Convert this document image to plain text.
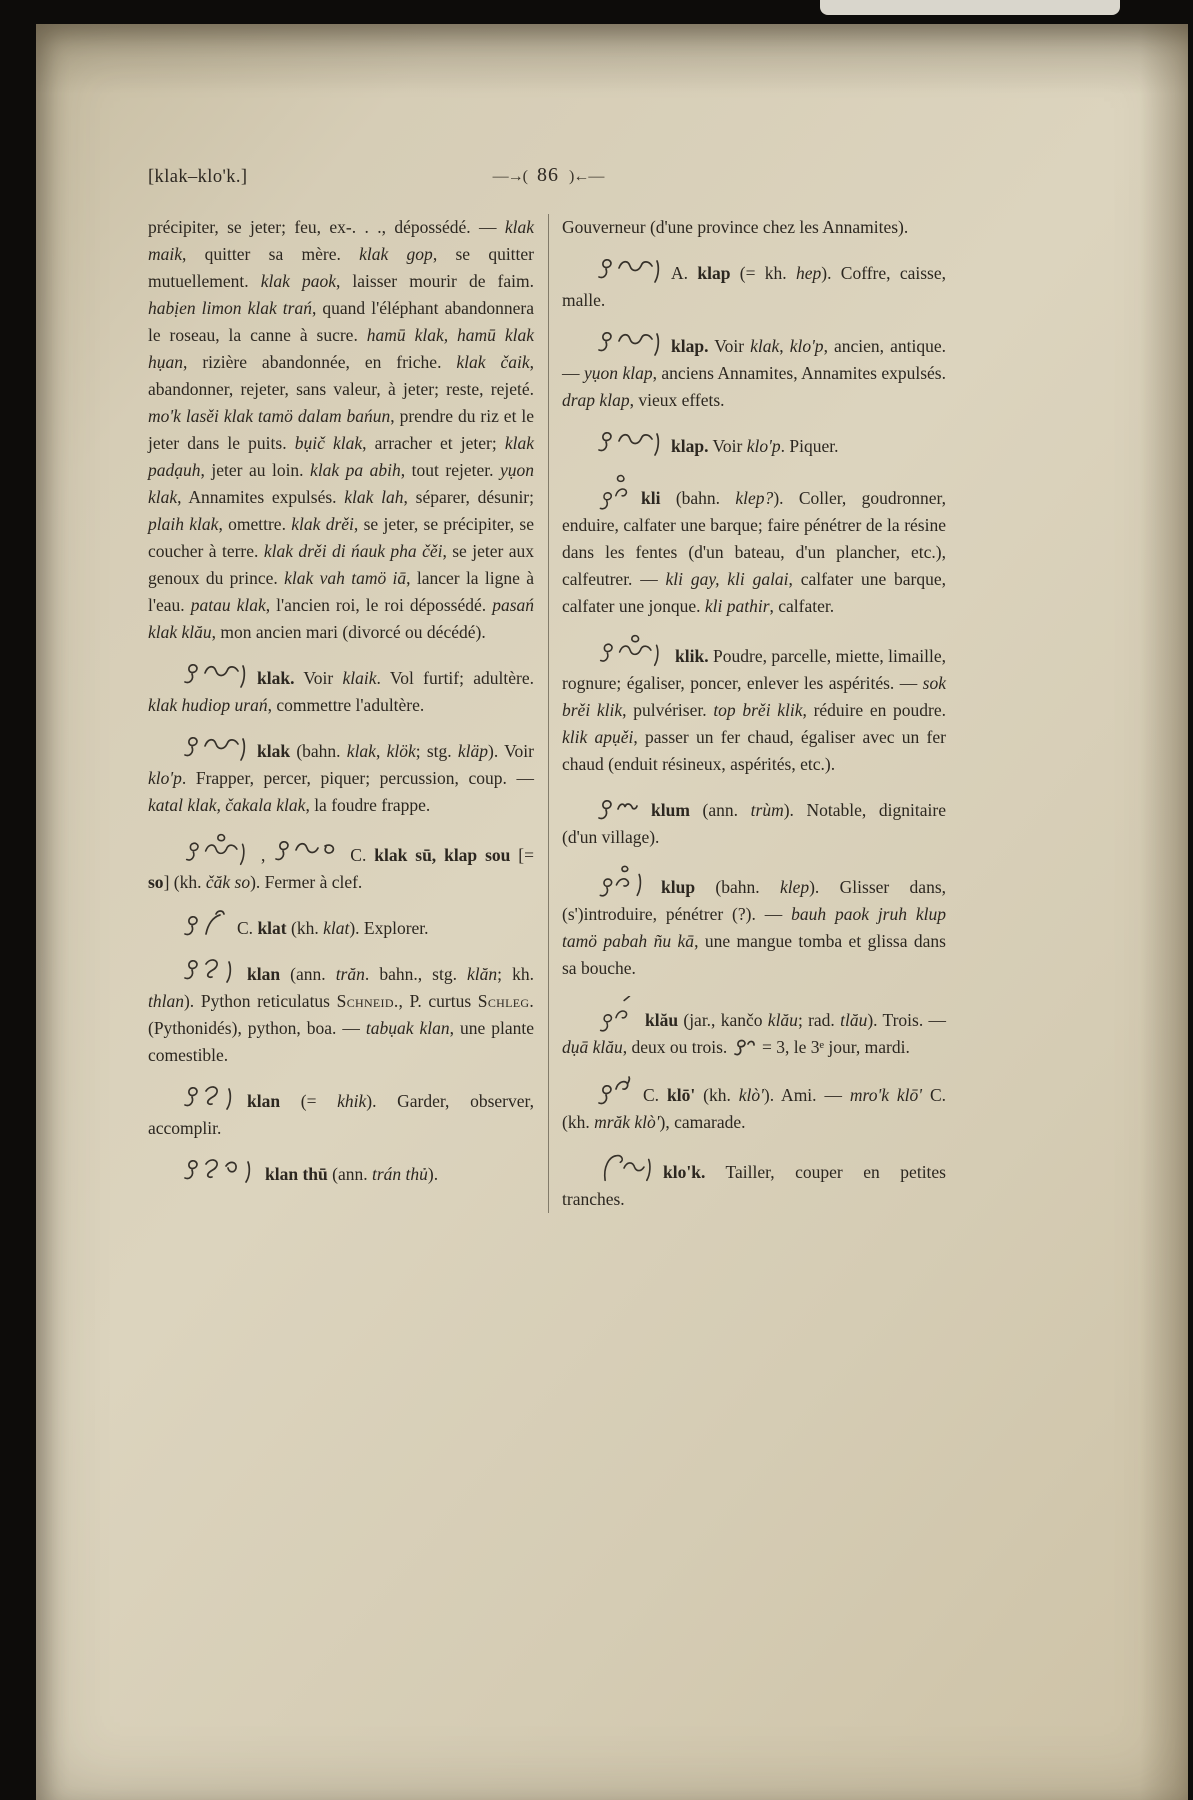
[klak–klo'k.]	—→( 86 )←—

précipiter, se jeter; feu, ex-. . ., dépossédé. — klak maik, quitter sa mère. klak gop, se quitter mutuellement. klak paok, laisser mourir de faim. habịen limon klak trań, quand l'éléphant abandonnera le roseau, la canne à sucre. hamū klak, hamū klak hụan, rizière abandonnée, en friche. klak čaik, abandonner, rejeter, sans valeur, à jeter; reste, rejeté. mo'k lasěi klak tamö dalam bańun, prendre du riz et le jeter dans le puits. bụič klak, arracher et jeter; klak padạuh, jeter au loin. klak pa abih, tout rejeter. yụon klak, Annamites expulsés. klak lah, séparer, désunir; plaih klak, omettre. klak drěi, se jeter, se précipiter, se coucher à terre. klak drěi di ńauk pha čěi, se jeter aux genoux du prince. klak vah tamö iā, lancer la ligne à l'eau. patau klak, l'ancien roi, le roi dépossédé. pasań klak klău, mon ancien mari (divorcé ou décédé).

klak. Voir klaik. Vol furtif; adultère. klak hudiop urań, commettre l'adultère.

klak (bahn. klak, klök; stg. kläp). Voir klo'p. Frapper, percer, piquer; percussion, coup. — katal klak, čakala klak, la foudre frappe.

,	C. klak sū, klap sou [= so] (kh. čăk so). Fermer à clef.

C. klat (kh. klat). Explorer.

klan (ann. trăn. bahn., stg. klăn; kh. thlan). Python reticulatus Schneid., P. curtus Schleg. (Pythonidés), python, boa. — tabụak klan, une plante comestible.

klan (= khik). Garder, observer, accomplir.

klan thū (ann. trán thủ).

Gouverneur (d'une province chez les Annamites).

A. klap (= kh. hep). Coffre, caisse, malle.

klap. Voir klak, klo'p, ancien, antique. — yụon klap, anciens Annamites, Annamites expulsés. drap klap, vieux effets.

klap. Voir klo'p. Piquer.

kli (bahn. klep?). Coller, goudronner, enduire, calfater une barque; faire pénétrer de la résine dans les fentes (d'un bateau, d'un plancher, etc.), calfeutrer. — kli gay, kli galai, calfater une barque, calfater une jonque. kli pathir, calfater.

klik. Poudre, parcelle, miette, limaille, rognure; égaliser, poncer, enlever les aspérités. — sok brěi klik, pulvériser. top brěi klik, réduire en poudre. klik apụěi, passer un fer chaud, égaliser avec un fer chaud (enduit résineux, aspérités, etc.).

klum (ann. trùm). Notable, dignitaire (d'un village).

klup (bahn. klep). Glisser dans, (s')introduire, pénétrer (?). — bauh paok jruh klup tamö pabah ñu kā, une mangue tomba et glissa dans sa bouche.

klău (jar., kančo klău; rad. tlău). Trois. — dụā klău, deux ou trois.
= 3, le 3ᵉ jour, mardi.

C. klō' (kh. klò'). Ami. — mro'k klō' C. (kh. mrăk klò'), camarade.

klo'k. Tailler, couper en petites tranches.
